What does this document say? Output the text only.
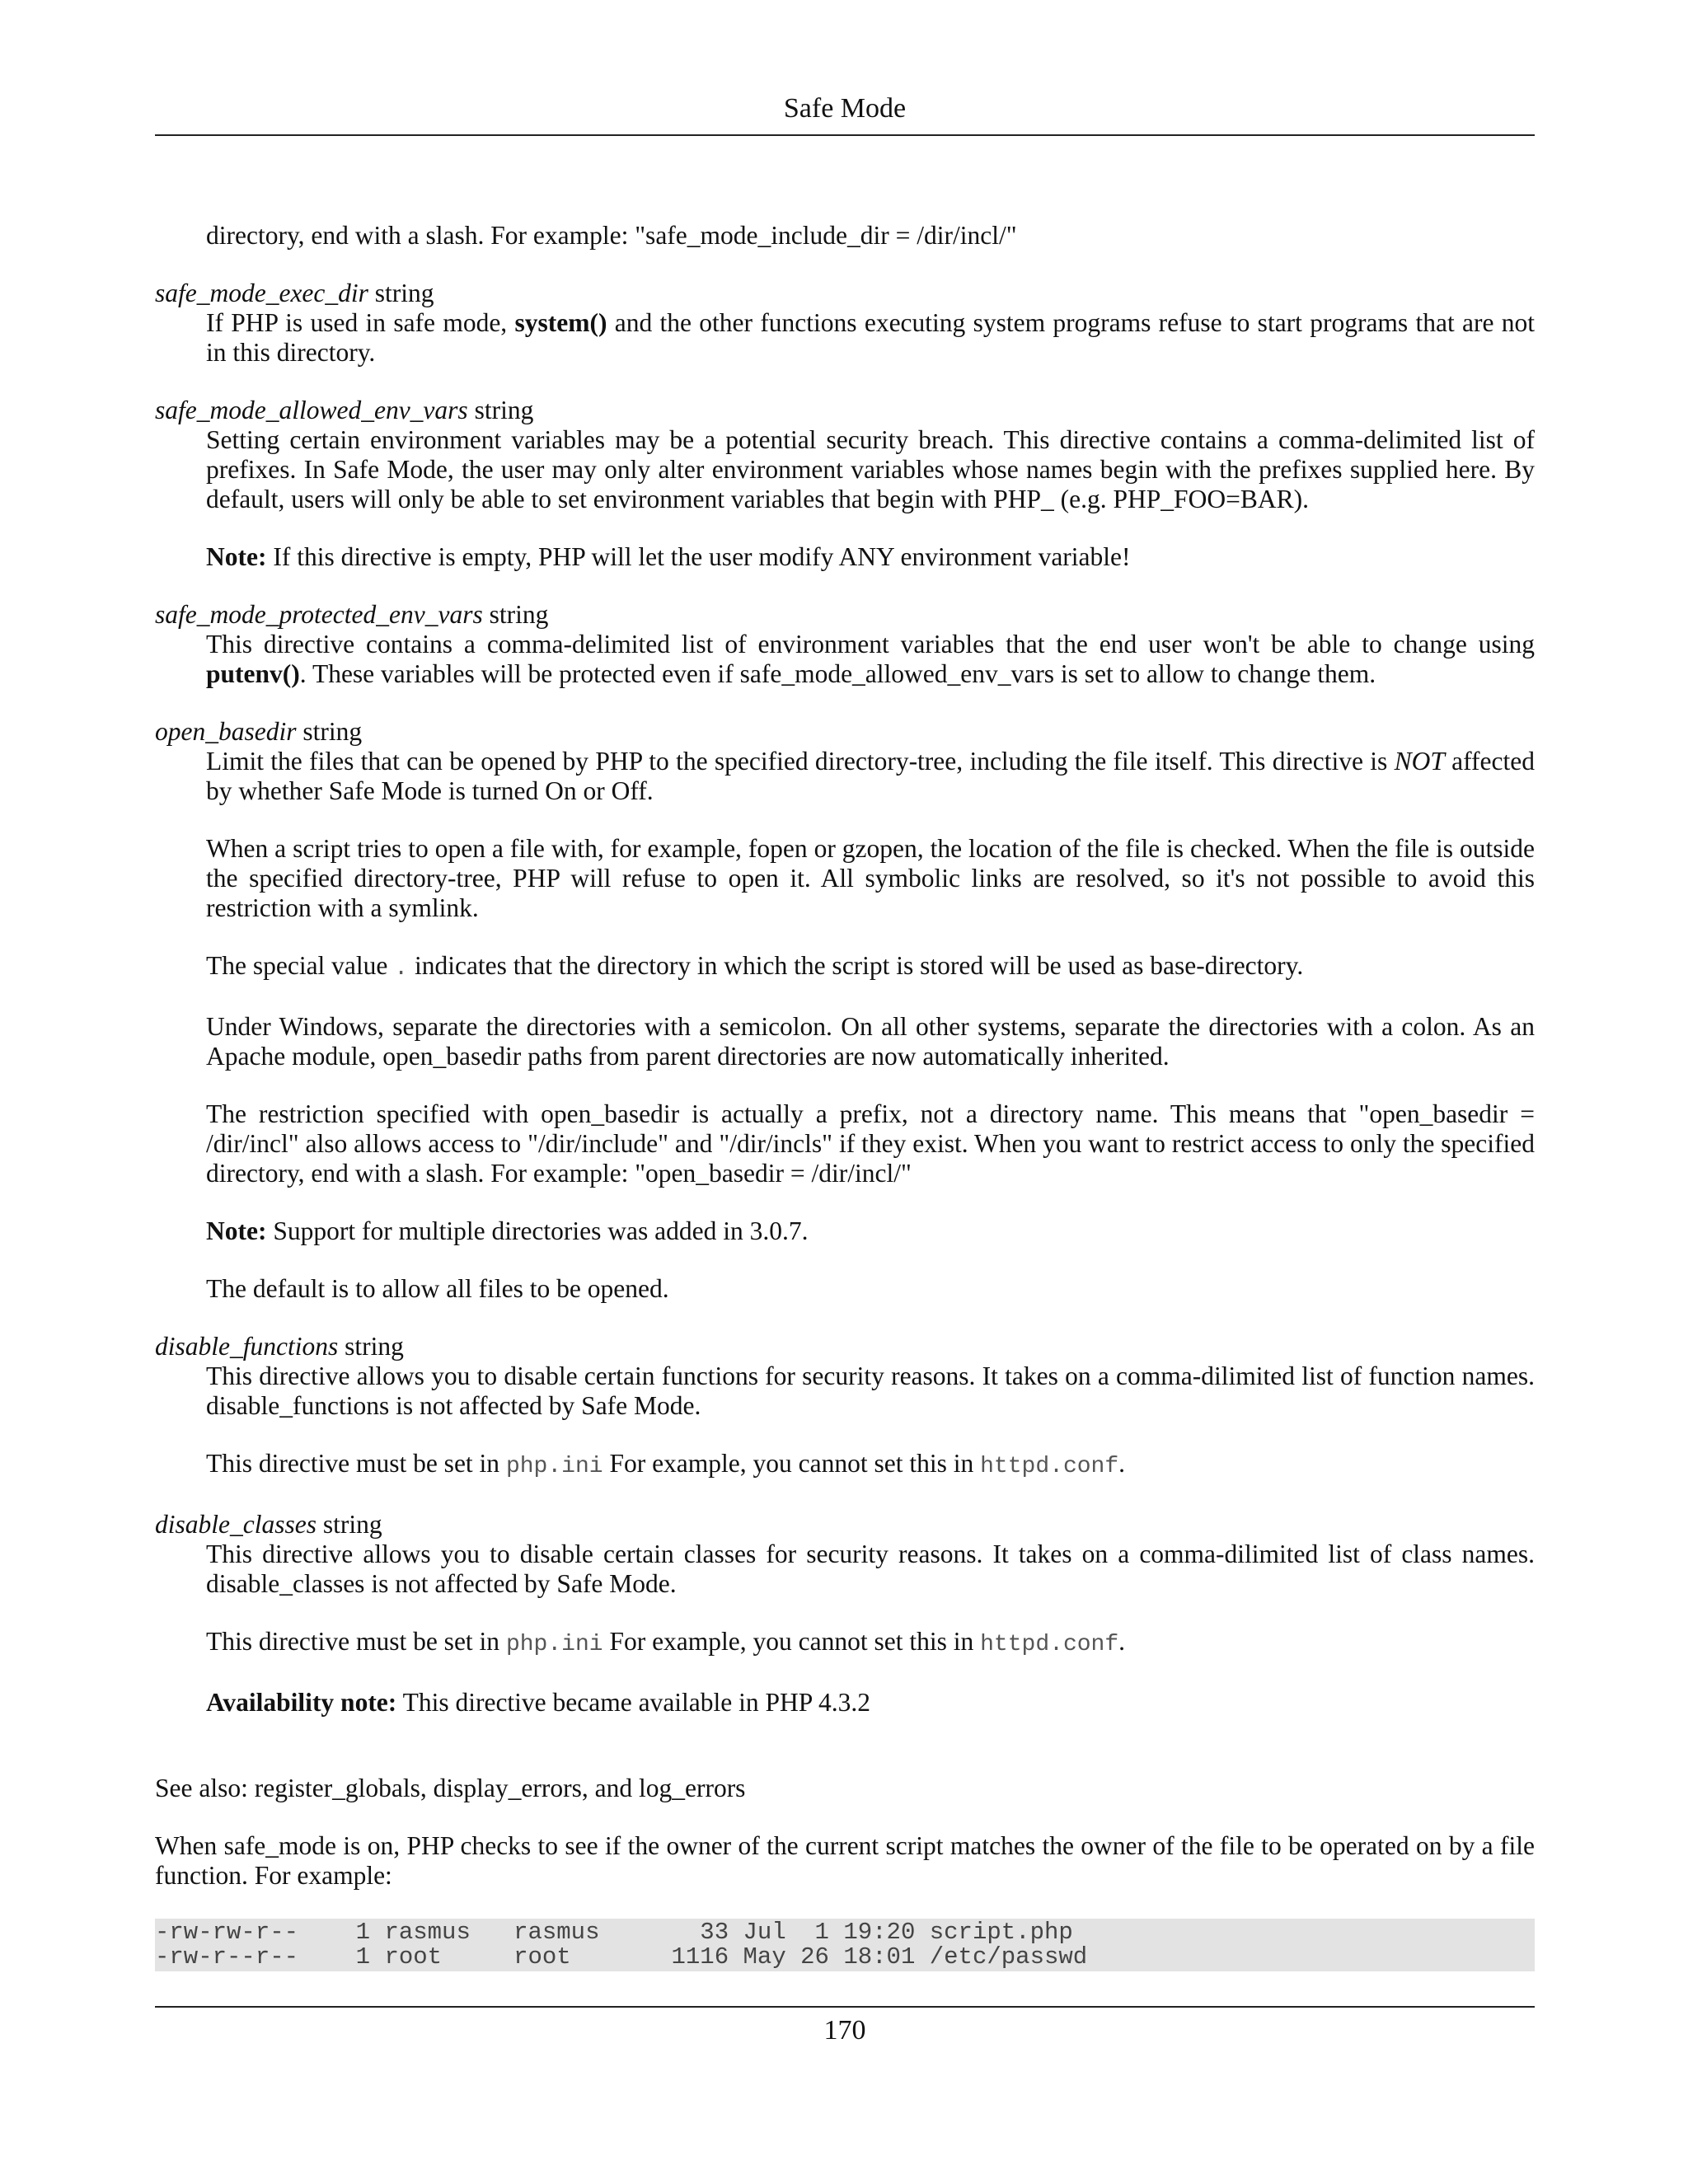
Safe Mode

directory, end with a slash. For example: "safe_mode_include_dir = /dir/incl/"

safe_mode_exec_dir string

If PHP is used in safe mode, system() and the other functions executing system programs refuse to start programs that are not in this directory.

safe_mode_allowed_env_vars string

Setting certain environment variables may be a potential security breach. This directive contains a comma-delimited list of prefixes. In Safe Mode, the user may only alter environment variables whose names begin with the prefixes supplied here. By default, users will only be able to set environment variables that begin with PHP_ (e.g. PHP_FOO=BAR).

Note: If this directive is empty, PHP will let the user modify ANY environment variable!

safe_mode_protected_env_vars string

This directive contains a comma-delimited list of environment variables that the end user won't be able to change using putenv(). These variables will be protected even if safe_mode_allowed_env_vars is set to allow to change them.

open_basedir string

Limit the files that can be opened by PHP to the specified directory-tree, including the file itself. This directive is NOT affected by whether Safe Mode is turned On or Off.

When a script tries to open a file with, for example, fopen or gzopen, the location of the file is checked. When the file is outside the specified directory-tree, PHP will refuse to open it. All symbolic links are resolved, so it's not possible to avoid this restriction with a symlink.

The special value . indicates that the directory in which the script is stored will be used as base-directory.

Under Windows, separate the directories with a semicolon. On all other systems, separate the directories with a colon. As an Apache module, open_basedir paths from parent directories are now automatically inherited.

The restriction specified with open_basedir is actually a prefix, not a directory name. This means that "open_basedir = /dir/incl" also allows access to "/dir/include" and "/dir/incls" if they exist. When you want to restrict access to only the specified directory, end with a slash. For example: "open_basedir = /dir/incl/"

Note: Support for multiple directories was added in 3.0.7.

The default is to allow all files to be opened.

disable_functions string

This directive allows you to disable certain functions for security reasons. It takes on a comma-dilimited list of function names. disable_functions is not affected by Safe Mode.

This directive must be set in php.ini For example, you cannot set this in httpd.conf.

disable_classes string

This directive allows you to disable certain classes for security reasons. It takes on a comma-dilimited list of class names. disable_classes is not affected by Safe Mode.

This directive must be set in php.ini For example, you cannot set this in httpd.conf.

Availability note: This directive became available in PHP 4.3.2

See also: register_globals, display_errors, and log_errors

When safe_mode is on, PHP checks to see if the owner of the current script matches the owner of the file to be operated on by a file function. For example:

-rw-rw-r--    1 rasmus   rasmus       33 Jul  1 19:20 script.php
-rw-r--r--    1 root     root       1116 May 26 18:01 /etc/passwd
170
